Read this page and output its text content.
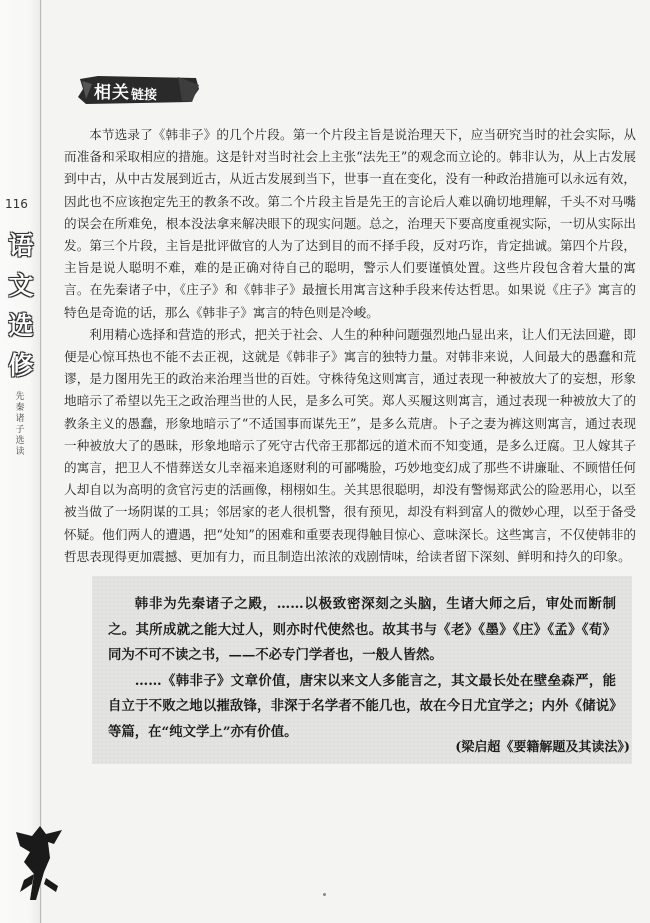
116
语
文
选
修
先秦诸子选读
相关 链接

本节选录了《韩非子》的几个片段。第一个片段主旨是说治理天下，应当研究当时的社会实际，从而准备和采取相应的措施。这是针对当时社会上主张“法先王”的观念而立论的。韩非认为，从上古发展到中古，从中古发展到近古，从近古发展到当下，世事一直在变化，没有一种政治措施可以永远有效，因此也不应该抱定先王的教条不改。第二个片段主旨是先王的言论后人难以确切地理解，千头不对马嘴的误会在所难免，根本没法拿来解决眼下的现实问题。总之，治理天下要高度重视实际，一切从实际出发。第三个片段，主旨是批评做官的人为了达到目的而不择手段，反对巧诈，肯定拙诚。第四个片段，主旨是说人聪明不难，难的是正确对待自己的聪明，警示人们要谨慎处置。这些片段包含着大量的寓言。在先秦诸子中，《庄子》和《韩非子》最擅长用寓言这种手段来传达哲思。如果说《庄子》寓言的特色是奇诡的话，那么《韩非子》寓言的特色则是冷峻。

利用精心选择和营造的形式，把关于社会、人生的种种问题强烈地凸显出来，让人们无法回避，即便是心惊耳热也不能不去正视，这就是《韩非子》寓言的独特力量。对韩非来说，人间最大的愚蠢和荒谬，是力图用先王的政治来治理当世的百姓。守株待兔这则寓言，通过表现一种被放大了的妄想，形象地暗示了希望以先王之政治理当世的人民，是多么可笑。郑人买履这则寓言，通过表现一种被放大了的教条主义的愚蠢，形象地暗示了“不适国事而谋先王”，是多么荒唐。卜子之妻为裤这则寓言，通过表现一种被放大了的愚昧，形象地暗示了死守古代帝王那都远的道术而不知变通，是多么迂腐。卫人嫁其子的寓言，把卫人不惜葬送女儿幸福来追逐财利的可鄙嘴脸，巧妙地变幻成了那些不讲廉耻、不顾惜任何人却自以为高明的贪官污吏的活画像，栩栩如生。关其思很聪明，却没有警惕郑武公的险恶用心，以至被当做了一场阴谋的工具；邻居家的老人很机警，很有预见，却没有料到富人的微妙心理，以至于备受怀疑。他们两人的遭遇，把“处知”的困难和重要表现得触目惊心、意味深长。这些寓言，不仅使韩非的哲思表现得更加震撼、更加有力，而且制造出浓浓的戏剧情味，给读者留下深刻、鲜明和持久的印象。

韩非为先秦诸子之殿，……以极致密深刻之头脑，生诸大师之后，审处而断制之。其所成就之能大过人，则亦时代使然也。故其书与《老》《墨》《庄》《孟》《荀》同为不可不读之书，——不必专门学者也，一般人皆然。

……《韩非子》文章价值，唐宋以来文人多能言之，其文最长处在壁垒森严，能自立于不败之地以摧敌锋，非深于名学者不能几也，故在今日尤宜学之；内外《储说》等篇，在“纯文学上”亦有价值。

(梁启超《要籍解题及其读法》)
